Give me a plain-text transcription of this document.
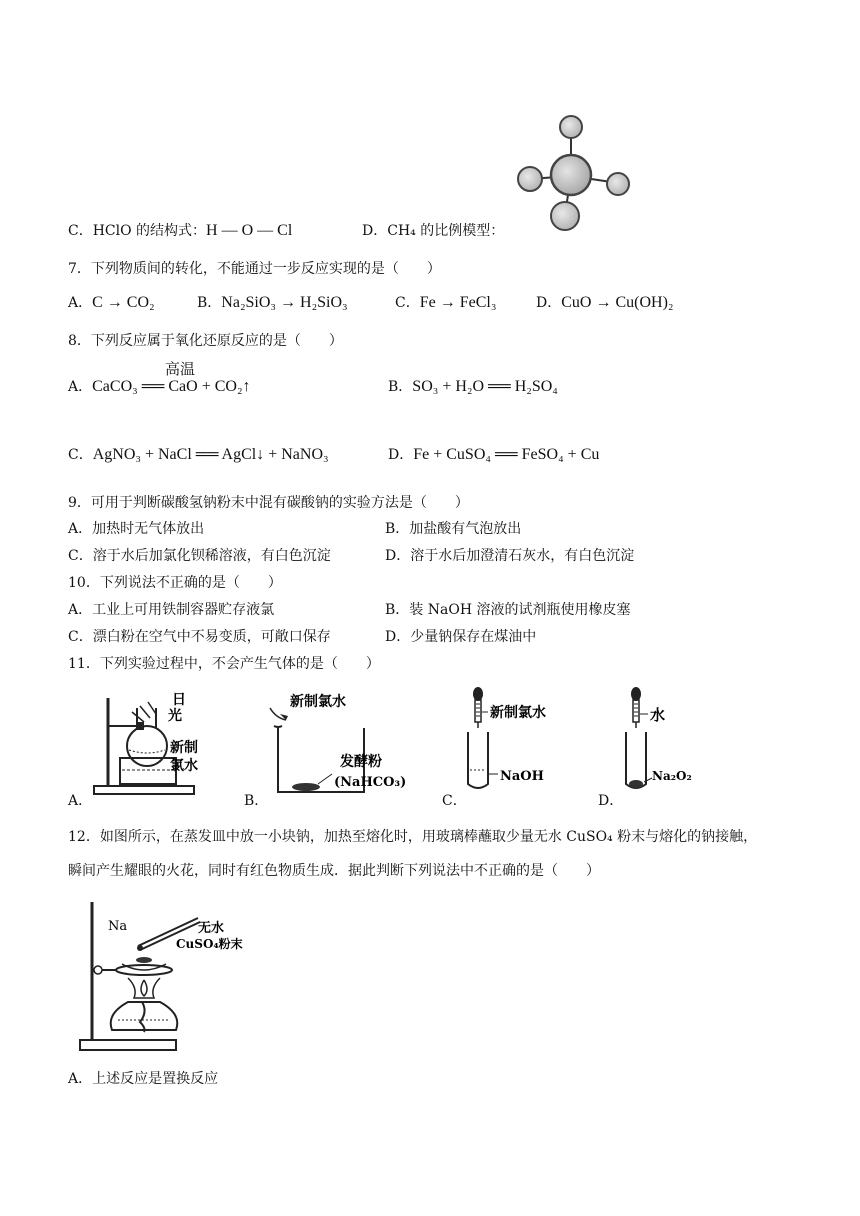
C．HClO 的结构式：H — O — Cl	D．CH₄ 的比例模型：
7．下列物质间的转化，不能通过一步反应实现的是（　　）
A．C → CO₂	B．Na₂SiO₃ → H₂SiO₃	C．Fe → FeCl₃	D．CuO → Cu(OH)₂
8．下列反应属于氧化还原反应的是（　　）
高温
A．CaCO₃ ══ CaO + CO₂↑	B．SO₃ + H₂O ══ H₂SO₄
C．AgNO₃ + NaCl ══ AgCl↓ + NaNO₃	D．Fe + CuSO₄ ══ FeSO₄ + Cu
9．可用于判断碳酸氢钠粉末中混有碳酸钠的实验方法是（　　）
A．加热时无气体放出	B．加盐酸有气泡放出
C．溶于水后加氯化钡稀溶液，有白色沉淀	D．溶于水后加澄清石灰水，有白色沉淀
10．下列说法不正确的是（　　）
A．工业上可用铁制容器贮存液氯	B．装 NaOH 溶液的试剂瓶使用橡皮塞
C．漂白粉在空气中不易变质，可敞口保存	D．少量钠保存在煤油中
11．下列实验过程中，不会产生气体的是（　　）
A．
日
光
新制
氯水
B．
新制氯水
发酵粉
(NaHCO₃)
C．
新制氯水
NaOH
D．
水
Na₂O₂
12．如图所示，在蒸发皿中放一小块钠，加热至熔化时，用玻璃棒蘸取少量无水 CuSO₄ 粉末与熔化的钠接触，
瞬间产生耀眼的火花，同时有红色物质生成．据此判断下列说法中不正确的是（　　）
Na	无水
CuSO₄粉末
A．上述反应是置换反应
